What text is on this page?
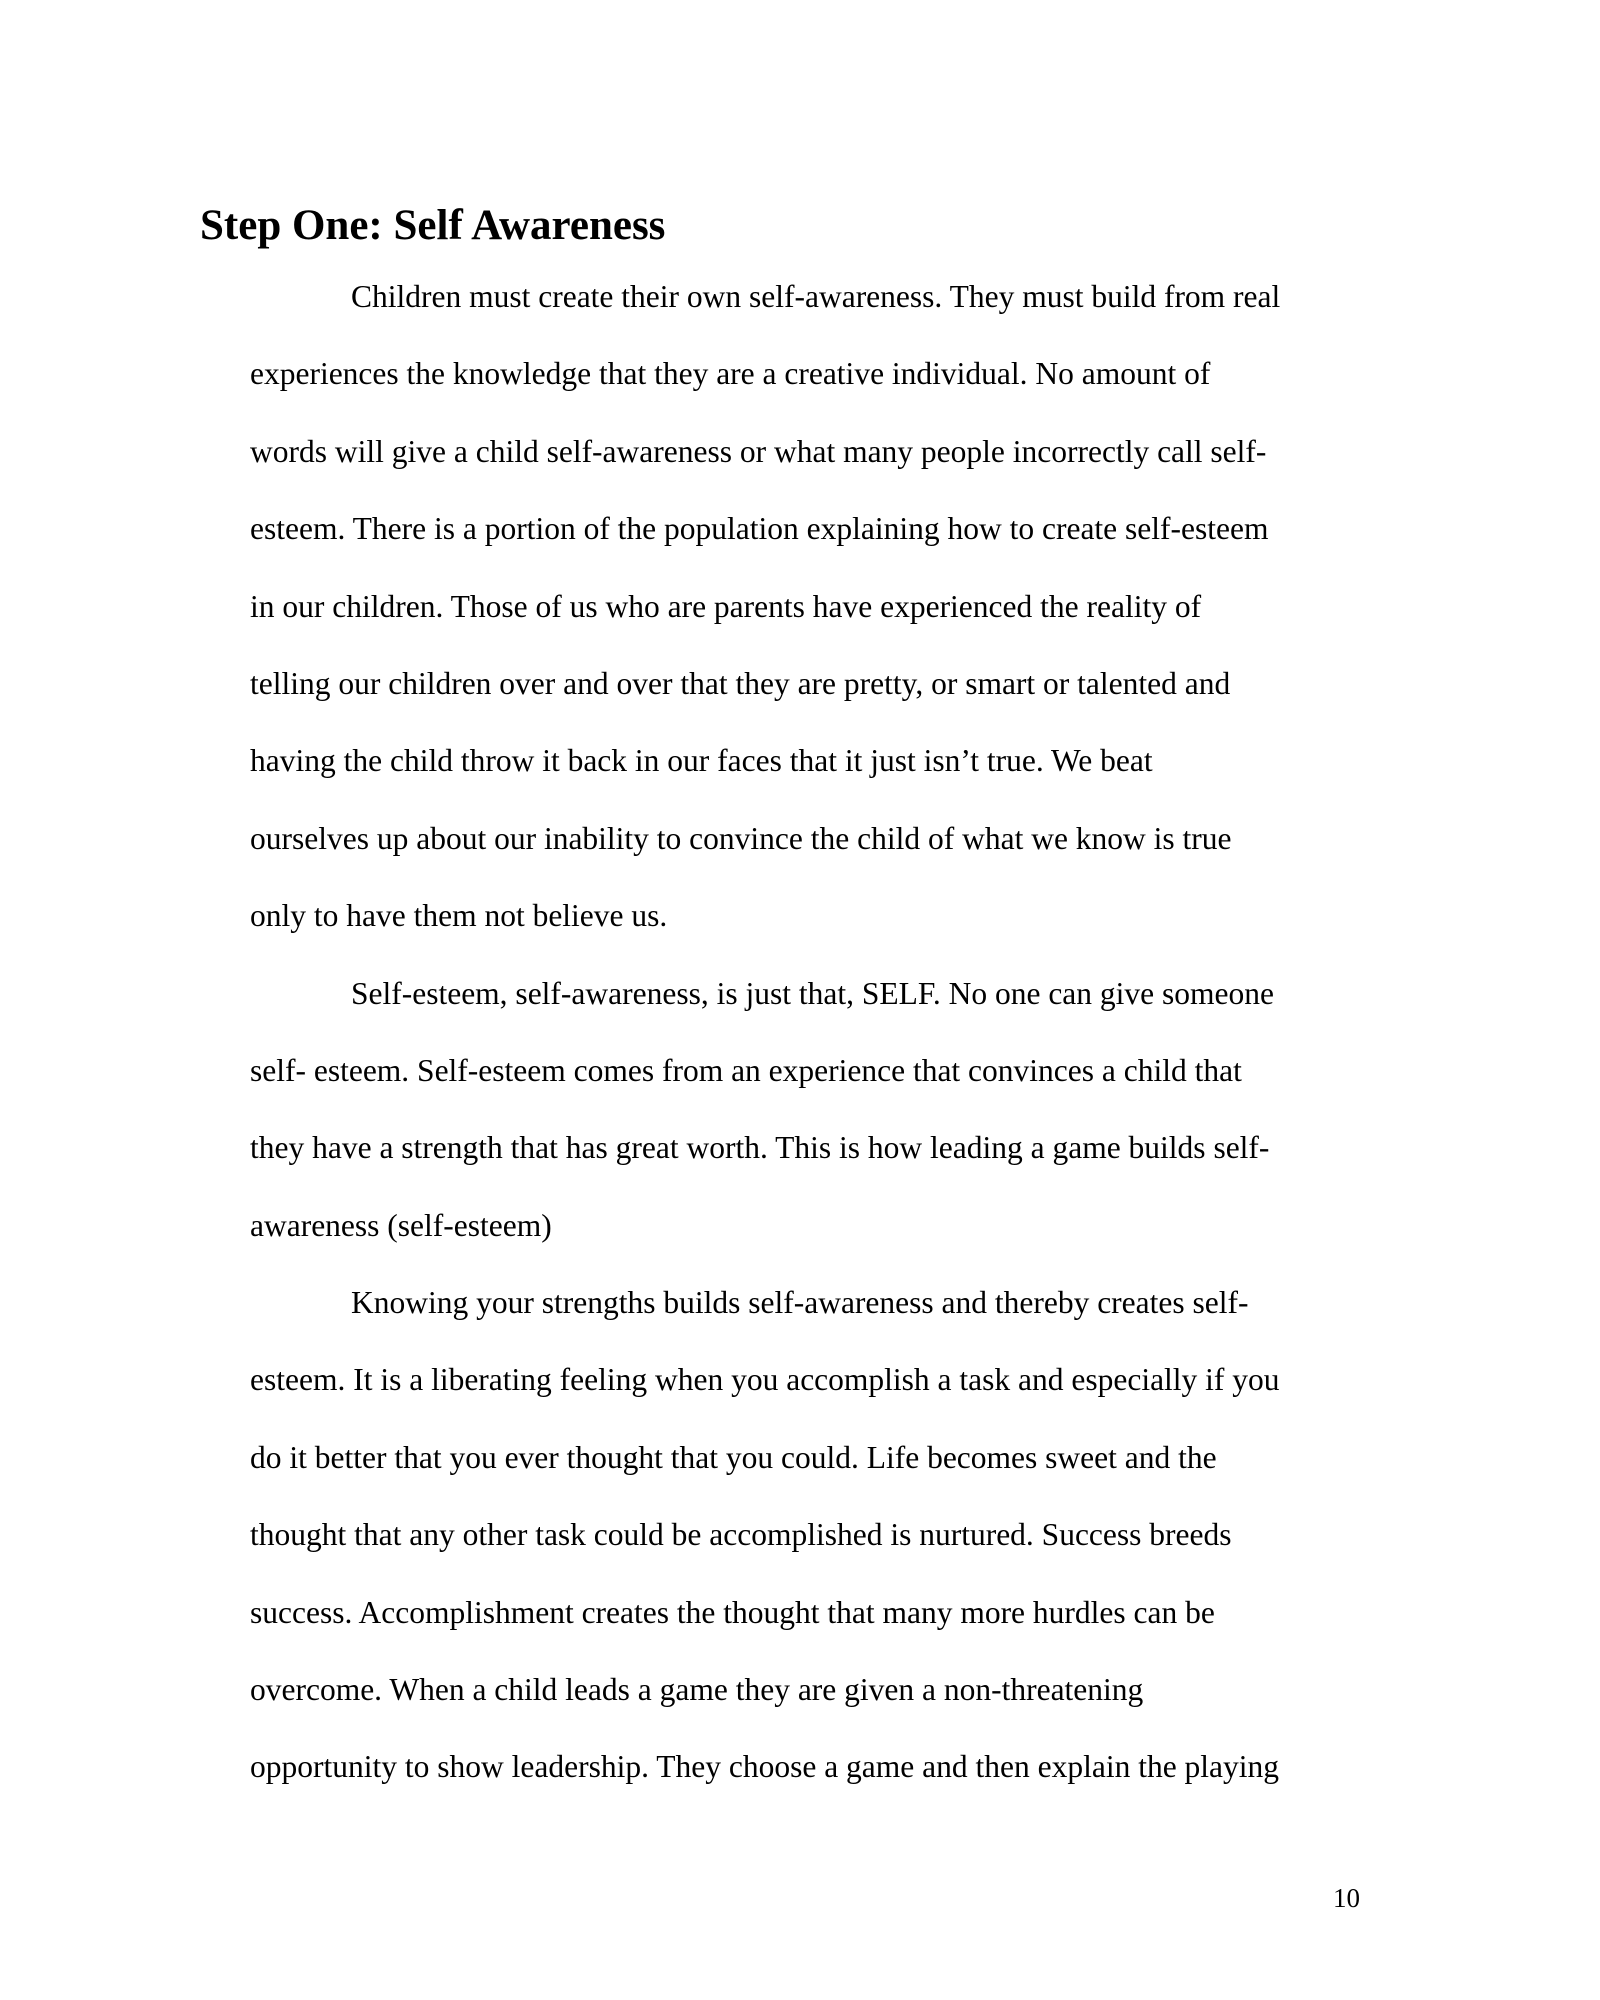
Step One: Self Awareness
Children must create their own self-awareness. They must build from real
experiences the knowledge that they are a creative individual. No amount of
words will give a child self-awareness or what many people incorrectly call self-
esteem. There is a portion of the population explaining how to create self-esteem
in our children. Those of us who are parents have experienced the reality of
telling our children over and over that they are pretty, or smart or talented and
having the child throw it back in our faces that it just isn’t true. We beat
ourselves up about our inability to convince the child of what we know is true
only to have them not believe us.
Self-esteem, self-awareness, is just that, SELF. No one can give someone
self- esteem. Self-esteem comes from an experience that convinces a child that
they have a strength that has great worth. This is how leading a game builds self-
awareness (self-esteem)
Knowing your strengths builds self-awareness and thereby creates self-
esteem. It is a liberating feeling when you accomplish a task and especially if you
do it better that you ever thought that you could. Life becomes sweet and the
thought that any other task could be accomplished is nurtured. Success breeds
success. Accomplishment creates the thought that many more hurdles can be
overcome. When a child leads a game they are given a non-threatening
opportunity to show leadership. They choose a game and then explain the playing
10
